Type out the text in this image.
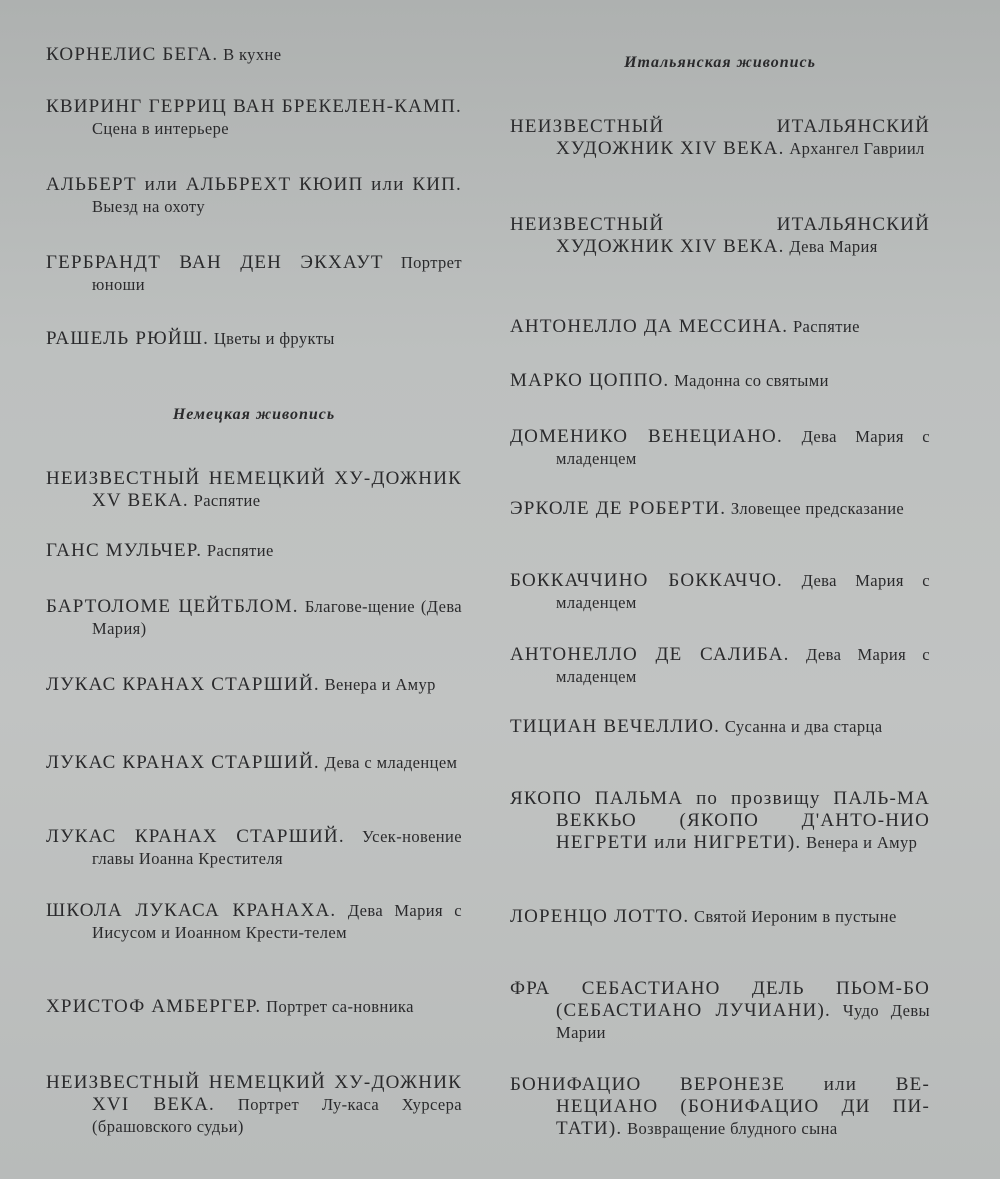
КОРНЕЛИС БЕГА. В кухне

КВИРИНГ ГЕРРИЦ ВАН БРЕКЕЛЕН-КАМП. Сцена в интерьере

АЛЬБЕРТ или АЛЬБРЕХТ КЮИП или КИП. Выезд на охоту

ГЕРБРАНДТ ВАН ДЕН ЭКХАУТ Портрет юноши

РАШЕЛЬ РЮЙШ. Цветы и фрукты

Немецкая живопись

НЕИЗВЕСТНЫЙ НЕМЕЦКИЙ ХУ-ДОЖНИК XV ВЕКА. Распятие

ГАНС МУЛЬЧЕР. Распятие

БАРТОЛОМЕ ЦЕЙТБЛОМ. Благове-щение (Дева Мария)

ЛУКАС КРАНАХ СТАРШИЙ. Венера и Амур

ЛУКАС КРАНАХ СТАРШИЙ. Дева с младенцем

ЛУКАС КРАНАХ СТАРШИЙ. Усек-новение главы Иоанна Крестителя

ШКОЛА ЛУКАСА КРАНАХА. Дева Мария с Иисусом и Иоанном Крести-телем

ХРИСТОФ АМБЕРГЕР. Портрет са-новника

НЕИЗВЕСТНЫЙ НЕМЕЦКИЙ ХУ-ДОЖНИК XVI ВЕКА. Портрет Лу-каса Хурсера (брашовского судьи)

Итальянская живопись

НЕИЗВЕСТНЫЙ ИТАЛЬЯНСКИЙ ХУДОЖНИК XIV ВЕКА. Архангел Гавриил

НЕИЗВЕСТНЫЙ ИТАЛЬЯНСКИЙ ХУДОЖНИК XIV ВЕКА. Дева Мария

АНТОНЕЛЛО ДА МЕССИНА. Распятие

МАРКО ЦОППО. Мадонна со святыми

ДОМЕНИКО ВЕНЕЦИАНО. Дева Мария с младенцем

ЭРКОЛЕ ДЕ РОБЕРТИ. Зловещее предсказание

БОККАЧЧИНО БОККАЧЧО. Дева Мария с младенцем

АНТОНЕЛЛО ДЕ САЛИБА. Дева Мария с младенцем

ТИЦИАН ВЕЧЕЛЛИО. Сусанна и два старца

ЯКОПО ПАЛЬМА по прозвищу ПАЛЬ-МА ВЕККЬО (ЯКОПО Д'АНТО-НИО НЕГРЕТИ или НИГРЕТИ). Венера и Амур

ЛОРЕНЦО ЛОТТО. Святой Иероним в пустыне

ФРА СЕБАСТИАНО ДЕЛЬ ПЬОМ-БО (СЕБАСТИАНО ЛУЧИАНИ). Чудо Девы Марии

БОНИФАЦИО ВЕРОНЕЗЕ или ВЕ-НЕЦИАНО (БОНИФАЦИО ДИ ПИ-ТАТИ). Возвращение блудного сына
